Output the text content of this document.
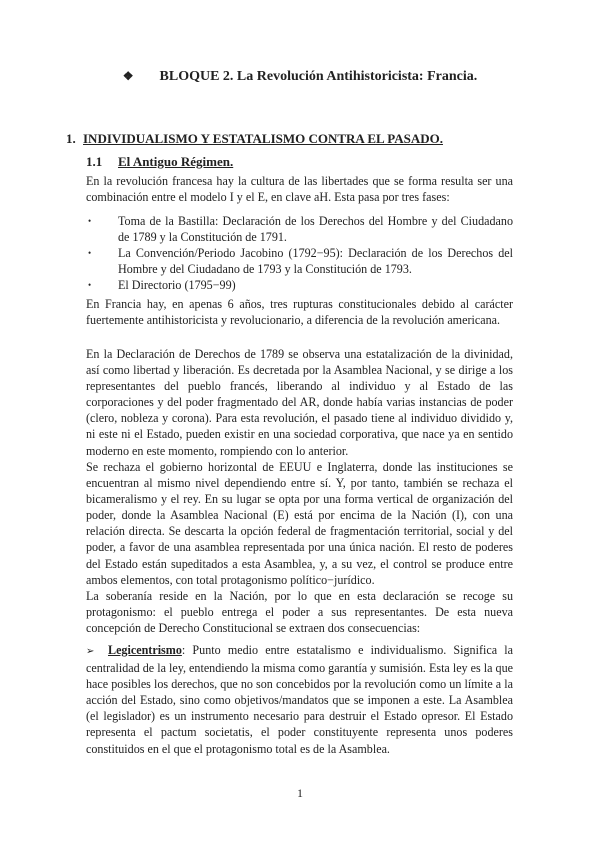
❖ BLOQUE 2. La Revolución Antihistoricista: Francia.
1. INDIVIDUALISMO Y ESTATALISMO CONTRA EL PASADO.
1.1 El Antiguo Régimen.

En la revolución francesa hay la cultura de las libertades que se forma resulta ser una combinación entre el modelo I y el E, en clave aH. Esta pasa por tres fases:

• Toma de la Bastilla: Declaración de los Derechos del Hombre y del Ciudadano de 1789 y la Constitución de 1791.
• La Convención/Periodo Jacobino (1792−95): Declaración de los Derechos del Hombre y del Ciudadano de 1793 y la Constitución de 1793.
• El Directorio (1795−99)

En Francia hay, en apenas 6 años, tres rupturas constitucionales debido al carácter fuertemente antihistoricista y revolucionario, a diferencia de la revolución americana.

En la Declaración de Derechos de 1789 se observa una estatalización de la divinidad, así como libertad y liberación. Es decretada por la Asamblea Nacional, y se dirige a los representantes del pueblo francés, liberando al individuo y al Estado de las corporaciones y del poder fragmentado del AR, donde había varias instancias de poder (clero, nobleza y corona). Para esta revolución, el pasado tiene al individuo dividido y, ni este ni el Estado, pueden existir en una sociedad corporativa, que nace ya en sentido moderno en este momento, rompiendo con lo anterior.

Se rechaza el gobierno horizontal de EEUU e Inglaterra, donde las instituciones se encuentran al mismo nivel dependiendo entre sí. Y, por tanto, también se rechaza el bicameralismo y el rey. En su lugar se opta por una forma vertical de organización del poder, donde la Asamblea Nacional (E) está por encima de la Nación (I), con una relación directa. Se descarta la opción federal de fragmentación territorial, social y del poder, a favor de una asamblea representada por una única nación. El resto de poderes del Estado están supeditados a esta Asamblea, y, a su vez, el control se produce entre ambos elementos, con total protagonismo político−jurídico.

La soberanía reside en la Nación, por lo que en esta declaración se recoge su protagonismo: el pueblo entrega el poder a sus representantes. De esta nueva concepción de Derecho Constitucional se extraen dos consecuencias:

➢ Legicentrismo: Punto medio entre estatalismo e individualismo. Significa la centralidad de la ley, entendiendo la misma como garantía y sumisión. Esta ley es la que hace posibles los derechos, que no son concebidos por la revolución como un límite a la acción del Estado, sino como objetivos/mandatos que se imponen a este. La Asamblea (el legislador) es un instrumento necesario para destruir el Estado opresor. El Estado representa el pactum societatis, el poder constituyente representa unos poderes constituidos en el que el protagonismo total es de la Asamblea.

1
